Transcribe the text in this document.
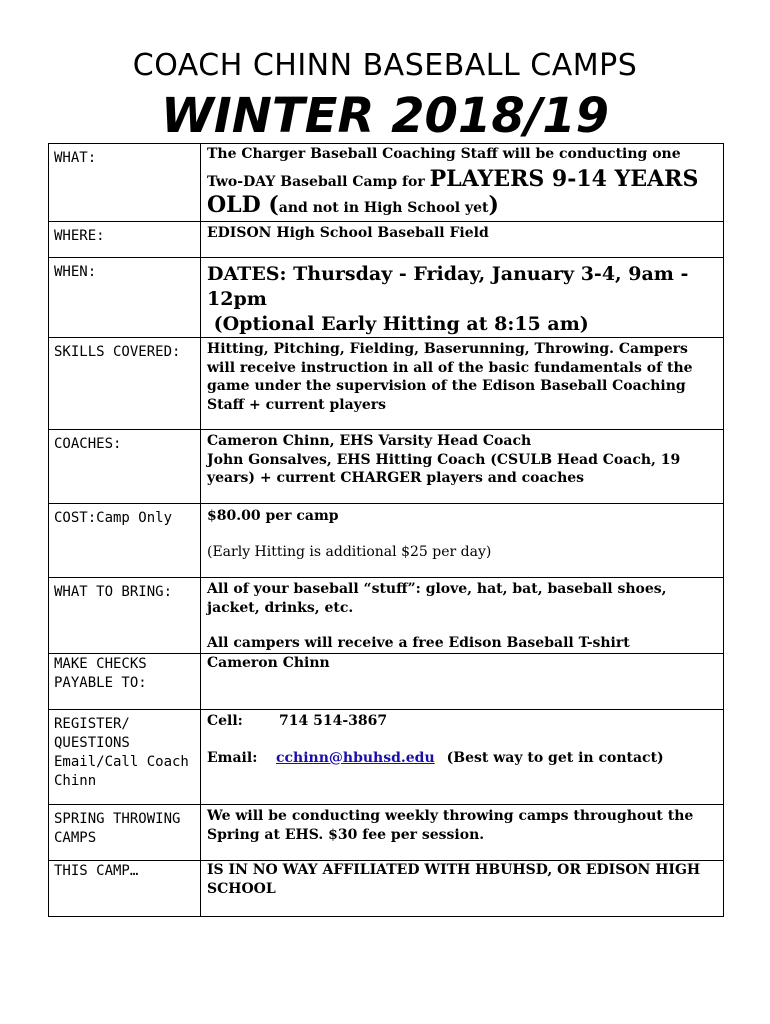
COACH CHINN BASEBALL CAMPS
WINTER 2018/19
WHAT:	The Charger Baseball Coaching Staff will be conducting one
Two-DAY Baseball Camp for PLAYERS 9-14 YEARS
OLD (and not in High School yet)

WHERE:	EDISON High School Baseball Field
WHEN:	DATES: Thursday - Friday, January 3-4, 9am - 12pm
(Optional Early Hitting at 8:15 am)

SKILLS COVERED:	Hitting, Pitching, Fielding, Baserunning, Throwing. Campers will receive instruction in all of the basic fundamentals of the game under the supervision of the Edison Baseball Coaching Staff + current players
COACHES:	Cameron Chinn, EHS Varsity Head Coach
John Gonsalves, EHS Hitting Coach (CSULB Head Coach, 19 years) + current CHARGER players and coaches

COST:Camp Only	$80.00 per camp
(Early Hitting is additional $25 per day)

WHAT TO BRING:	All of your baseball “stuff”: glove, hat, bat, baseball shoes, jacket, drinks, etc.
All campers will receive a free Edison Baseball T-shirt

MAKE CHECKS PAYABLE TO:	Cameron Chinn
REGISTER/ QUESTIONS Email/Call Coach Chinn	Cell: 714 514-3867
Email: cchinn@hbuhsd.edu (Best way to get in contact)

SPRING THROWING CAMPS	We will be conducting weekly throwing camps throughout the Spring at EHS. $30 fee per session.
THIS CAMP…	IS IN NO WAY AFFILIATED WITH HBUHSD, OR EDISON HIGH SCHOOL
